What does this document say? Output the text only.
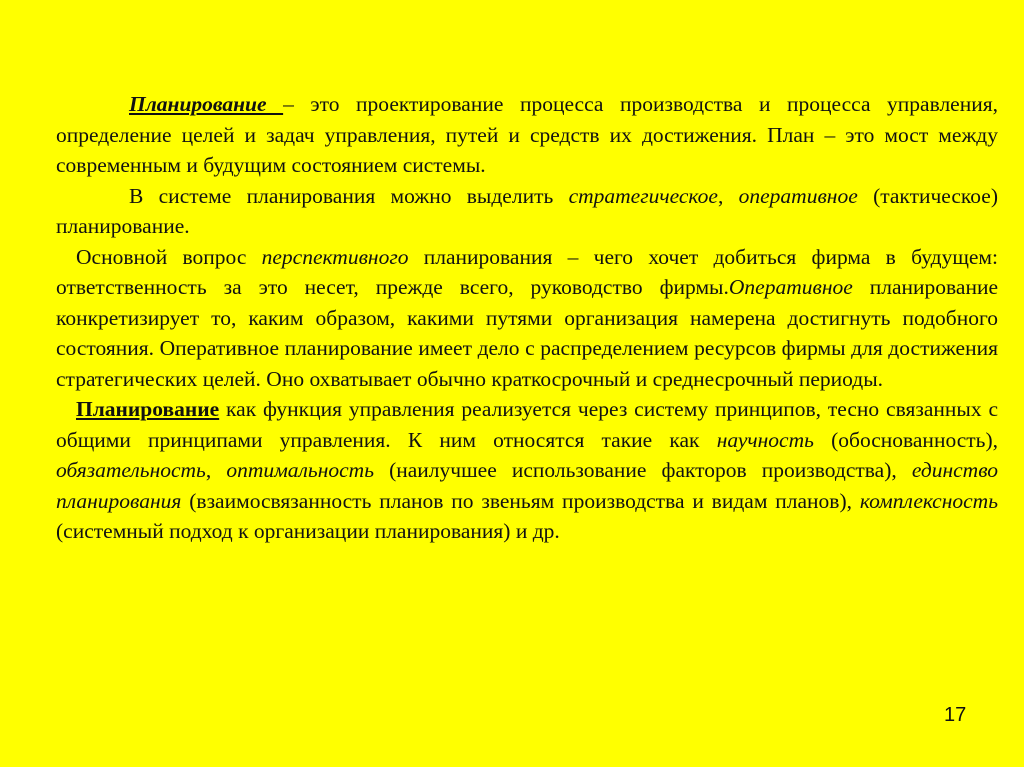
Планирование – это проектирование процесса производства и процесса управления, определение целей и задач управления, путей и средств их достижения. План – это мост между современным и будущим состоянием системы.

В системе планирования можно выделить стратегическое, оперативное (тактическое) планирование.

Основной вопрос перспективного планирования – чего хочет добиться фирма в будущем: ответственность за это несет, прежде всего, руководство фирмы.Оперативное планирование конкретизирует то, каким образом, какими путями организация намерена достигнуть подобного состояния. Оперативное планирование имеет дело с распределением ресурсов фирмы для достижения стратегических целей. Оно охватывает обычно краткосрочный и среднесрочный периоды.

Планирование как функция управления реализуется через систему принципов, тесно связанных с общими принципами управления. К ним относятся такие как научность (обоснованность), обязательность, оптимальность (наилучшее использование факторов производства), единство планирования (взаимосвязанность планов по звеньям производства и видам планов), комплексность (системный подход к организации планирования) и др.

17
